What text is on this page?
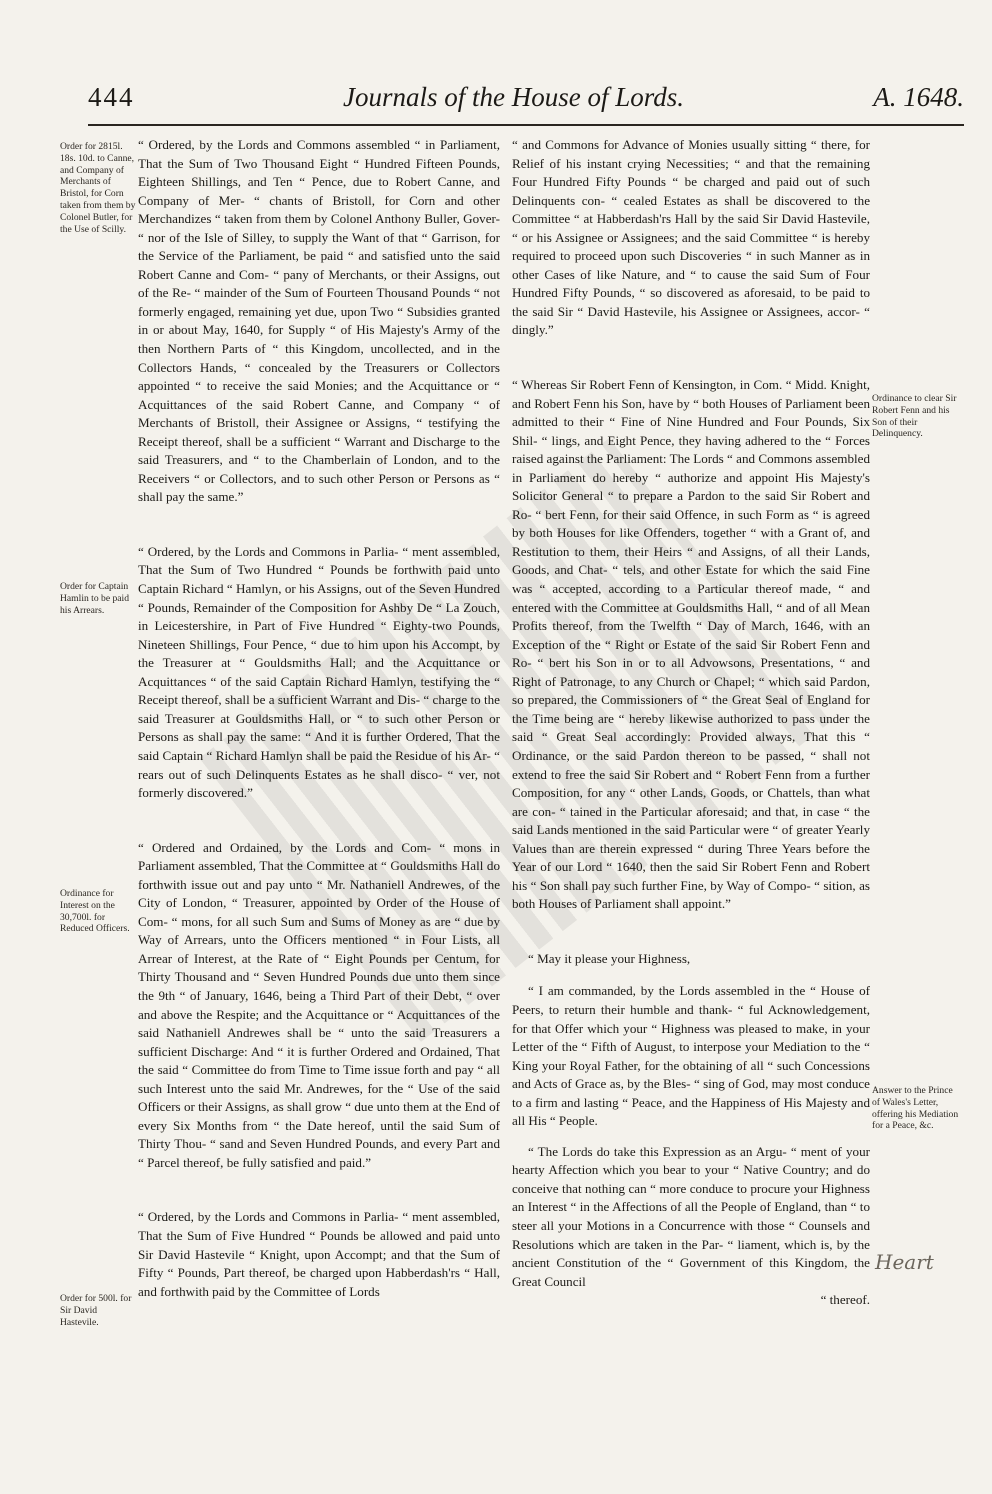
444	Journals of the House of Lords.	A. 1648.
Order for 2815l. 18s. 10d. to Canne, and Company of Merchants of Bristol, for Corn taken from them by Colonel Butler, for the Use of Scilly.
Order for Captain Hamlin to be paid his Arrears.
Ordinance for Interest on the 30,700l. for Reduced Officers.
Order for 500l. for Sir David Hastevile.
Ordinance to clear Sir Robert Fenn and his Son of their Delinquency.
Answer to the Prince of Wales's Letter, offering his Mediation for a Peace, &c.

“ Ordered, by the Lords and Commons assembled “ in Parliament, That the Sum of Two Thousand Eight “ Hundred Fifteen Pounds, Eighteen Shillings, and Ten “ Pence, due to Robert Canne, and Company of Mer- “ chants of Bristoll, for Corn and other Merchandizes “ taken from them by Colonel Anthony Buller, Gover- “ nor of the Isle of Silley, to supply the Want of that “ Garrison, for the Service of the Parliament, be paid “ and satisfied unto the said Robert Canne and Com- “ pany of Merchants, or their Assigns, out of the Re- “ mainder of the Sum of Fourteen Thousand Pounds “ not formerly engaged, remaining yet due, upon Two “ Subsidies granted in or about May, 1640, for Supply “ of His Majesty's Army of the then Northern Parts of “ this Kingdom, uncollected, and in the Collectors Hands, “ concealed by the Treasurers or Collectors appointed “ to receive the said Monies; and the Acquittance or “ Acquittances of the said Robert Canne, and Company “ of Merchants of Bristoll, their Assignee or Assigns, “ testifying the Receipt thereof, shall be a sufficient “ Warrant and Discharge to the said Treasurers, and “ to the Chamberlain of London, and to the Receivers “ or Collectors, and to such other Person or Persons as “ shall pay the same.”

“ Ordered, by the Lords and Commons in Parlia- “ ment assembled, That the Sum of Two Hundred “ Pounds be forthwith paid unto Captain Richard “ Hamlyn, or his Assigns, out of the Seven Hundred “ Pounds, Remainder of the Composition for Ashby De “ La Zouch, in Leicestershire, in Part of Five Hundred “ Eighty-two Pounds, Nineteen Shillings, Four Pence, “ due to him upon his Accompt, by the Treasurer at “ Gouldsmiths Hall; and the Acquittance or Acquittances “ of the said Captain Richard Hamlyn, testifying the “ Receipt thereof, shall be a sufficient Warrant and Dis- “ charge to the said Treasurer at Gouldsmiths Hall, or “ to such other Person or Persons as shall pay the same: “ And it is further Ordered, That the said Captain “ Richard Hamlyn shall be paid the Residue of his Ar- “ rears out of such Delinquents Estates as he shall disco- “ ver, not formerly discovered.”

“ Ordered and Ordained, by the Lords and Com- “ mons in Parliament assembled, That the Committee at “ Gouldsmiths Hall do forthwith issue out and pay unto “ Mr. Nathaniell Andrewes, of the City of London, “ Treasurer, appointed by Order of the House of Com- “ mons, for all such Sum and Sums of Money as are “ due by Way of Arrears, unto the Officers mentioned “ in Four Lists, all Arrear of Interest, at the Rate of “ Eight Pounds per Centum, for Thirty Thousand and “ Seven Hundred Pounds due unto them since the 9th “ of January, 1646, being a Third Part of their Debt, “ over and above the Respite; and the Acquittance or “ Acquittances of the said Nathaniell Andrewes shall be “ unto the said Treasurers a sufficient Discharge: And “ it is further Ordered and Ordained, That the said “ Committee do from Time to Time issue forth and pay “ all such Interest unto the said Mr. Andrewes, for the “ Use of the said Officers or their Assigns, as shall grow “ due unto them at the End of every Six Months from “ the Date hereof, until the said Sum of Thirty Thou- “ sand and Seven Hundred Pounds, and every Part and “ Parcel thereof, be fully satisfied and paid.”

“ Ordered, by the Lords and Commons in Parlia- “ ment assembled, That the Sum of Five Hundred “ Pounds be allowed and paid unto Sir David Hastevile “ Knight, upon Accompt; and that the Sum of Fifty “ Pounds, Part thereof, be charged upon Habberdash'rs “ Hall, and forthwith paid by the Committee of Lords

“ and Commons for Advance of Monies usually sitting “ there, for Relief of his instant crying Necessities; “ and that the remaining Four Hundred Fifty Pounds “ be charged and paid out of such Delinquents con- “ cealed Estates as shall be discovered to the Committee “ at Habberdash'rs Hall by the said Sir David Hastevile, “ or his Assignee or Assignees; and the said Committee “ is hereby required to proceed upon such Discoveries “ in such Manner as in other Cases of like Nature, and “ to cause the said Sum of Four Hundred Fifty Pounds, “ so discovered as aforesaid, to be paid to the said Sir “ David Hastevile, his Assignee or Assignees, accor- “ dingly.”

“ Whereas Sir Robert Fenn of Kensington, in Com. “ Midd. Knight, and Robert Fenn his Son, have by “ both Houses of Parliament been admitted to their “ Fine of Nine Hundred and Four Pounds, Six Shil- “ lings, and Eight Pence, they having adhered to the “ Forces raised against the Parliament: The Lords “ and Commons assembled in Parliament do hereby “ authorize and appoint His Majesty's Solicitor General “ to prepare a Pardon to the said Sir Robert and Ro- “ bert Fenn, for their said Offence, in such Form as “ is agreed by both Houses for like Offenders, together “ with a Grant of, and Restitution to them, their Heirs “ and Assigns, of all their Lands, Goods, and Chat- “ tels, and other Estate for which the said Fine was “ accepted, according to a Particular thereof made, “ and entered with the Committee at Gouldsmiths Hall, “ and of all Mean Profits thereof, from the Twelfth “ Day of March, 1646, with an Exception of the “ Right or Estate of the said Sir Robert Fenn and Ro- “ bert his Son in or to all Advowsons, Presentations, “ and Right of Patronage, to any Church or Chapel; “ which said Pardon, so prepared, the Commissioners of “ the Great Seal of England for the Time being are “ hereby likewise authorized to pass under the said “ Great Seal accordingly: Provided always, That this “ Ordinance, or the said Pardon thereon to be passed, “ shall not extend to free the said Sir Robert and “ Robert Fenn from a further Composition, for any “ other Lands, Goods, or Chattels, than what are con- “ tained in the Particular aforesaid; and that, in case “ the said Lands mentioned in the said Particular were “ of greater Yearly Values than are therein expressed “ during Three Years before the Year of our Lord “ 1640, then the said Sir Robert Fenn and Robert his “ Son shall pay such further Fine, by Way of Compo- “ sition, as both Houses of Parliament shall appoint.”

“ May it please your Highness,

“ I am commanded, by the Lords assembled in the “ House of Peers, to return their humble and thank- “ ful Acknowledgement, for that Offer which your “ Highness was pleased to make, in your Letter of the “ Fifth of August, to interpose your Mediation to the “ King your Royal Father, for the obtaining of all “ such Concessions and Acts of Grace as, by the Bles- “ sing of God, may most conduce to a firm and lasting “ Peace, and the Happiness of His Majesty and all His “ People.

“ The Lords do take this Expression as an Argu- “ ment of your hearty Affection which you bear to your “ Native Country; and do conceive that nothing can “ more conduce to procure your Highness an Interest “ in the Affections of all the People of England, than “ to steer all your Motions in a Concurrence with those “ Counsels and Resolutions which are taken in the Par- “ liament, which is, by the ancient Constitution of the “ Government of this Kingdom, the Great Council

“ thereof.

Heart
